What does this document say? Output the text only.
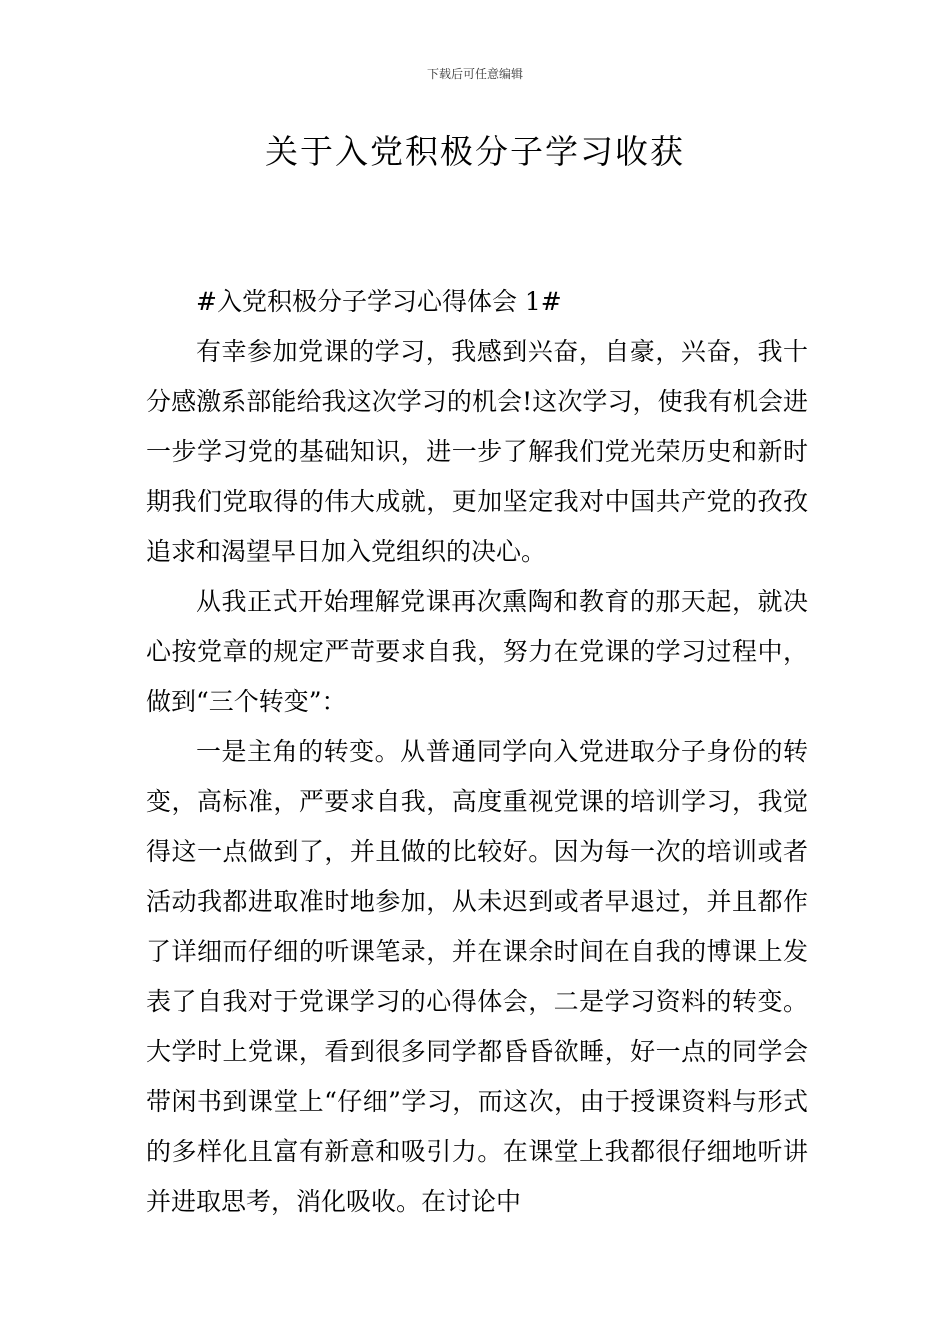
下载后可任意编辑
关于入党积极分子学习收获

#入党积极分子学习心得体会 1#

有幸参加党课的学习，我感到兴奋，自豪，兴奋，我十分感激系部能给我这次学习的机会!这次学习，使我有机会进一步学习党的基础知识，进一步了解我们党光荣历史和新时期我们党取得的伟大成就，更加坚定我对中国共产党的孜孜追求和渴望早日加入党组织的决心。

从我正式开始理解党课再次熏陶和教育的那天起，就决心按党章的规定严苛要求自我，努力在党课的学习过程中，做到“三个转变”：

一是主角的转变。从普通同学向入党进取分子身份的转变，高标准，严要求自我，高度重视党课的培训学习，我觉得这一点做到了，并且做的比较好。因为每一次的培训或者活动我都进取准时地参加，从未迟到或者早退过，并且都作了详细而仔细的听课笔录，并在课余时间在自我的博课上发表了自我对于党课学习的心得体会，二是学习资料的转变。大学时上党课，看到很多同学都昏昏欲睡，好一点的同学会带闲书到课堂上“仔细”学习，而这次，由于授课资料与形式的多样化且富有新意和吸引力。在课堂上我都很仔细地听讲并进取思考，消化吸收。在讨论中
